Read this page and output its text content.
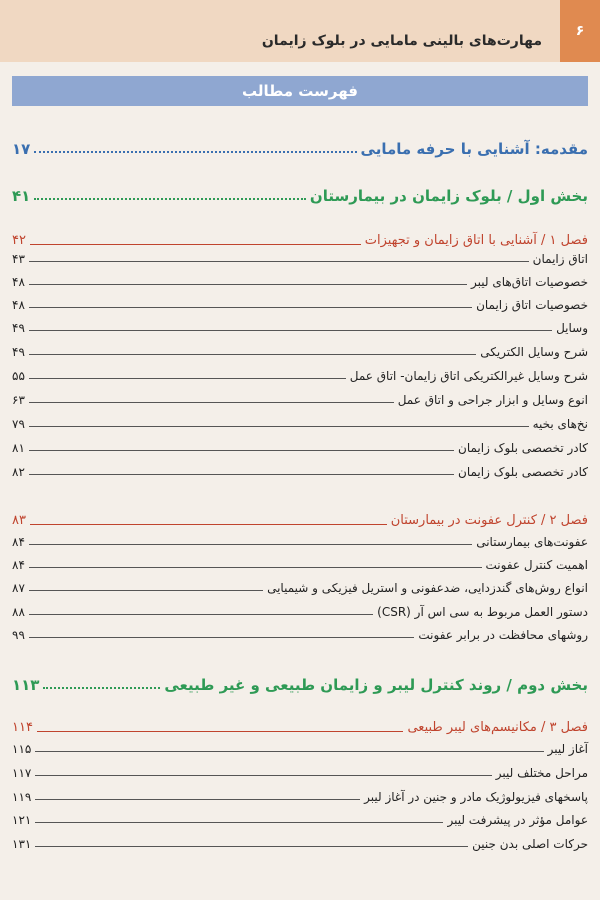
۶
مهارت‌های بالینی مامایی در بلوک زایمان
فهرست مطالب
مقدمه: آشنایی با حرفه مامایی
۱۷
بخش اول / بلوک زایمان در بیمارستان
۴۱
فصل ۱ / آشنایی با اتاق زایمان و تجهیزات
۴۲
اتاق زایمان
۴۳
خصوصیات اتاق‌های لیبر
۴۸
خصوصیات اتاق زایمان
۴۸
وسایل
۴۹
شرح وسایل الکتریکی
۴۹
شرح وسایل غیرالکتریکی اتاق زایمان- اتاق عمل
۵۵
انوع وسایل و ابزار جراحی و اتاق عمل
۶۳
نخ‌های بخیه
۷۹
کادر تخصصی بلوک زایمان
۸۱
کادر تخصصی بلوک زایمان
۸۲
فصل ۲ / کنترل عفونت در بیمارستان
۸۳
عفونت‌های بیمارستانی
۸۴
اهمیت کنترل عفونت
۸۴
انواع روش‌های گندزدایی، ضدعفونی و استریل فیزیکی و شیمیایی
۸۷
دستور العمل مربوط به سی اس آر (CSR)
۸۸
روشهای محافظت در برابر عفونت
۹۹
بخش دوم / روند کنترل لیبر و زایمان طبیعی و غیر طبیعی
۱۱۳
فصل ۳ / مکانیسم‌های لیبر طبیعی
۱۱۴
آغاز لیبر
۱۱۵
مراحل مختلف لیبر
۱۱۷
پاسخهای فیزیولوژیک مادر و جنین در آغاز لیبر
۱۱۹
عوامل مؤثر در پیشرفت لیبر
۱۲۱
حرکات اصلی بدن جنین
۱۳۱
